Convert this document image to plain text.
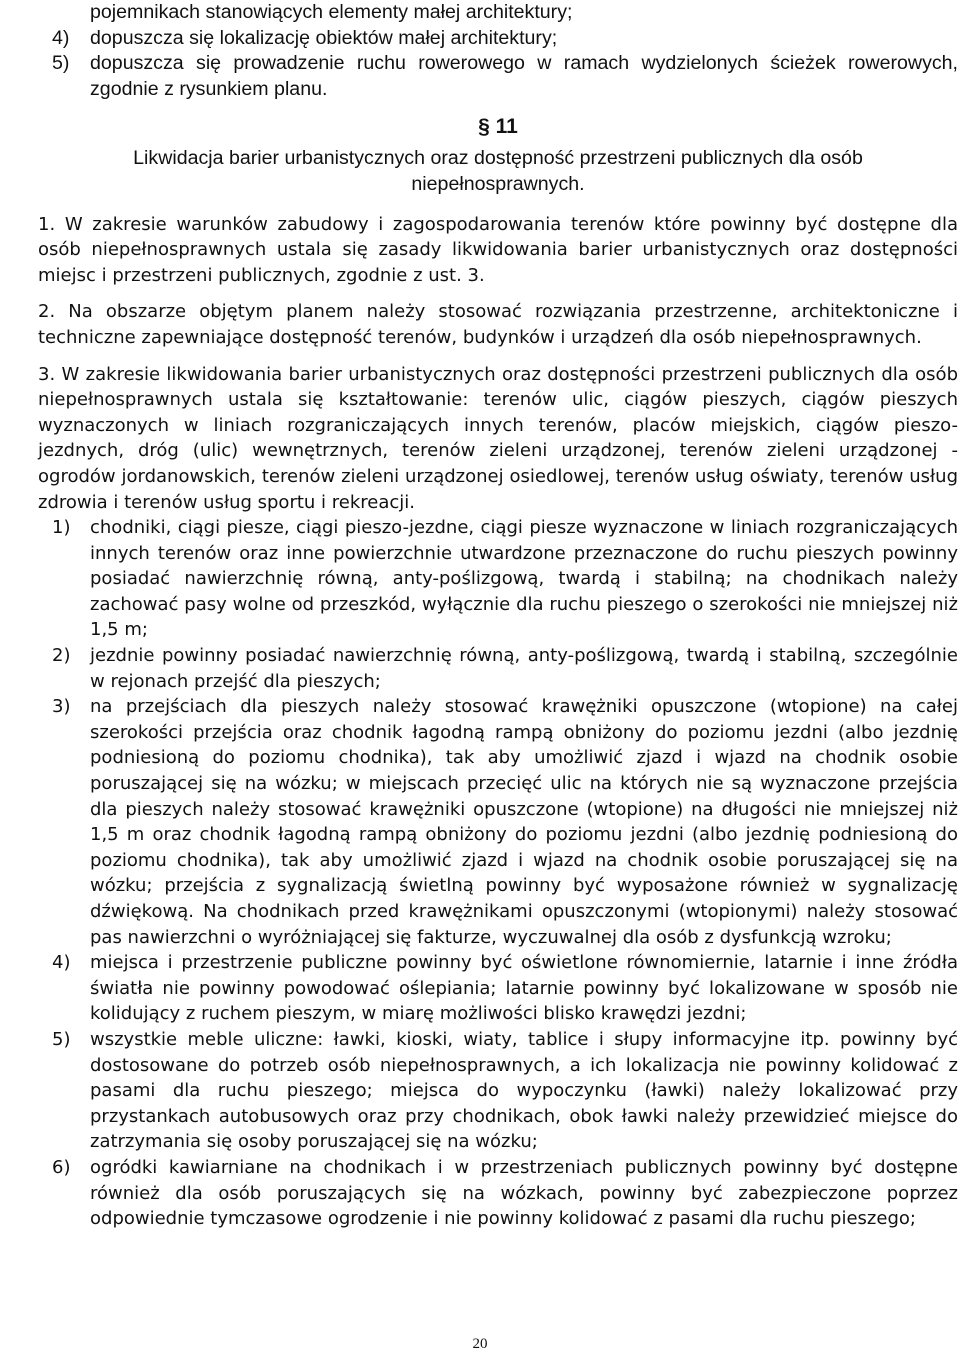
pojemnikach stanowiących elementy małej architektury;

4)	dopuszcza się lokalizację obiektów małej architektury;
5)	dopuszcza się prowadzenie ruchu rowerowego w ramach wydzielonych ścieżek rowerowych, zgodnie z rysunkiem planu.
§ 11
Likwidacja barier urbanistycznych oraz dostępność przestrzeni publicznych dla osób niepełnosprawnych.

1. W zakresie warunków zabudowy i zagospodarowania terenów które powinny być dostępne dla osób niepełnosprawnych ustala się zasady likwidowania barier urbanistycznych oraz dostępności miejsc i przestrzeni publicznych, zgodnie z ust. 3.

2. Na obszarze objętym planem należy stosować rozwiązania przestrzenne, architektoniczne i techniczne zapewniające dostępność terenów, budynków i urządzeń dla osób niepełnosprawnych.

3. W zakresie likwidowania barier urbanistycznych oraz dostępności przestrzeni publicznych dla osób niepełnosprawnych ustala się kształtowanie: terenów ulic, ciągów pieszych, ciągów pieszych wyznaczonych w liniach rozgraniczających innych terenów, placów miejskich, ciągów pieszo-jezdnych, dróg (ulic) wewnętrznych, terenów zieleni urządzonej, terenów zieleni urządzonej - ogrodów jordanowskich, terenów zieleni urządzonej osiedlowej, terenów usług oświaty, terenów usług zdrowia i terenów usług sportu i rekreacji.

1)	chodniki, ciągi piesze, ciągi pieszo-jezdne, ciągi piesze wyznaczone w liniach rozgraniczających innych terenów oraz inne powierzchnie utwardzone przeznaczone do ruchu pieszych powinny posiadać nawierzchnię równą, anty-poślizgową, twardą i stabilną; na chodnikach należy zachować pasy wolne od przeszkód, wyłącznie dla ruchu pieszego o szerokości nie mniejszej niż 1,5 m;
2)	jezdnie powinny posiadać nawierzchnię równą, anty-poślizgową, twardą i stabilną, szczególnie w rejonach przejść dla pieszych;
3)	na przejściach dla pieszych należy stosować krawężniki opuszczone (wtopione) na całej szerokości przejścia oraz chodnik łagodną rampą obniżony do poziomu jezdni (albo jezdnię podniesioną do poziomu chodnika), tak aby umożliwić zjazd i wjazd na chodnik osobie poruszającej się na wózku; w miejscach przecięć ulic na których nie są wyznaczone przejścia dla pieszych należy stosować krawężniki opuszczone (wtopione) na długości nie mniejszej niż 1,5 m oraz chodnik łagodną rampą obniżony do poziomu jezdni (albo jezdnię podniesioną do poziomu chodnika), tak aby umożliwić zjazd i wjazd na chodnik osobie poruszającej się na wózku; przejścia z sygnalizacją świetlną powinny być wyposażone również w sygnalizację dźwiękową. Na chodnikach przed krawężnikami opuszczonymi (wtopionymi) należy stosować pas nawierzchni o wyróżniającej się fakturze, wyczuwalnej dla osób z dysfunkcją wzroku;
4)	miejsca i przestrzenie publiczne powinny być oświetlone równomiernie, latarnie i inne źródła światła nie powinny powodować oślepiania; latarnie powinny być lokalizowane w sposób nie kolidujący z ruchem pieszym, w miarę możliwości blisko krawędzi jezdni;
5)	wszystkie meble uliczne: ławki, kioski, wiaty, tablice i słupy informacyjne itp. powinny być dostosowane do potrzeb osób niepełnosprawnych, a ich lokalizacja nie powinny kolidować z pasami dla ruchu pieszego; miejsca do wypoczynku (ławki) należy lokalizować przy przystankach autobusowych oraz przy chodnikach, obok ławki należy przewidzieć miejsce do zatrzymania się osoby poruszającej się na wózku;
6)	ogródki kawiarniane na chodnikach i w przestrzeniach publicznych powinny być dostępne również dla osób poruszających się na wózkach, powinny być zabezpieczone poprzez odpowiednie tymczasowe ogrodzenie i nie powinny kolidować z pasami dla ruchu pieszego;
20
